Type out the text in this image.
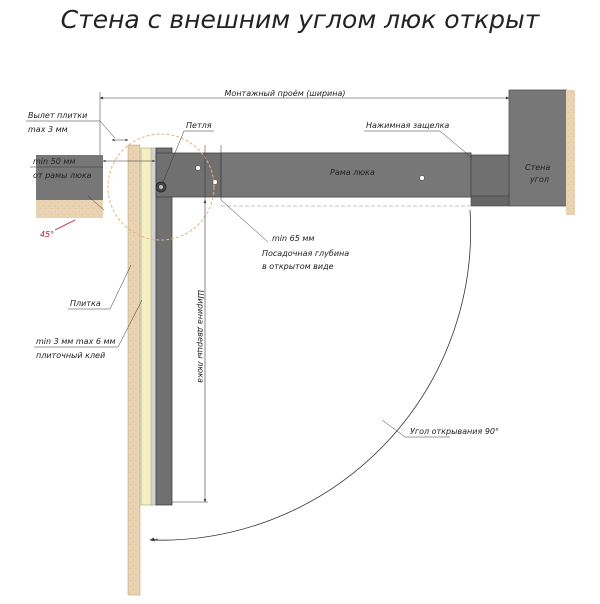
Стена с внешним углом люк открыт
Монтажный проём (ширина)
Вылет плитки
max 3 мм	Петля	Нажимная защелка
min 50 мм
от рамы люка	Рама люка
Стена
угол
45°	min 65 мм
Посадочная глубина
в открытом виде
Ширина дверцы люка
Плитка
min 3 мм max 6 мм
плиточный клей
Угол открывания 90°
